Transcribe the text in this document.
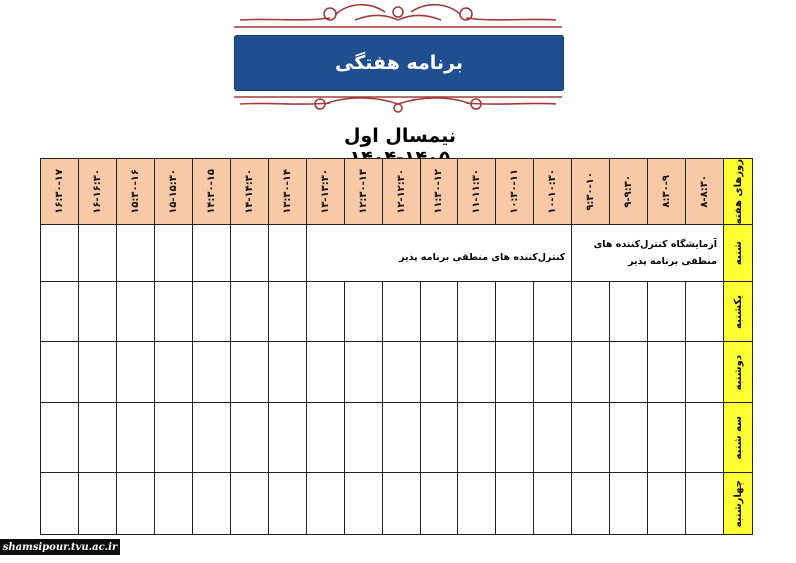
برنامه هفتگی
نیمسال اول
روزهای هفته	۸-۸:۳۰	۸:۳۰-۹	۹-۹:۳۰	۹:۳۰-۱۰	۱۰-۱۰:۳۰	۱۰:۳۰-۱۱	۱۱-۱۱:۳۰	۱۱:۳۰-۱۲	۱۲-۱۲:۳۰	۱۲:۳۰-۱۳	۱۳-۱۳:۳۰	۱۳:۳۰-۱۴	۱۴-۱۴:۳۰	۱۴:۳۰-۱۵	۱۵-۱۵:۳۰	۱۵:۳۰-۱۶	۱۶-۱۶:۳۰	۱۶:۳۰-۱۷

شنبه	آزمایشگاه کنترل‌کننده های منطقی برنامه پذیر				کنترل‌کننده های منطقی برنامه پذیر													

یکشنبه																		

دوشنبه																		

سه شنبه																		

چهارشنبه																		

shamsipour.tvu.ac.ir
